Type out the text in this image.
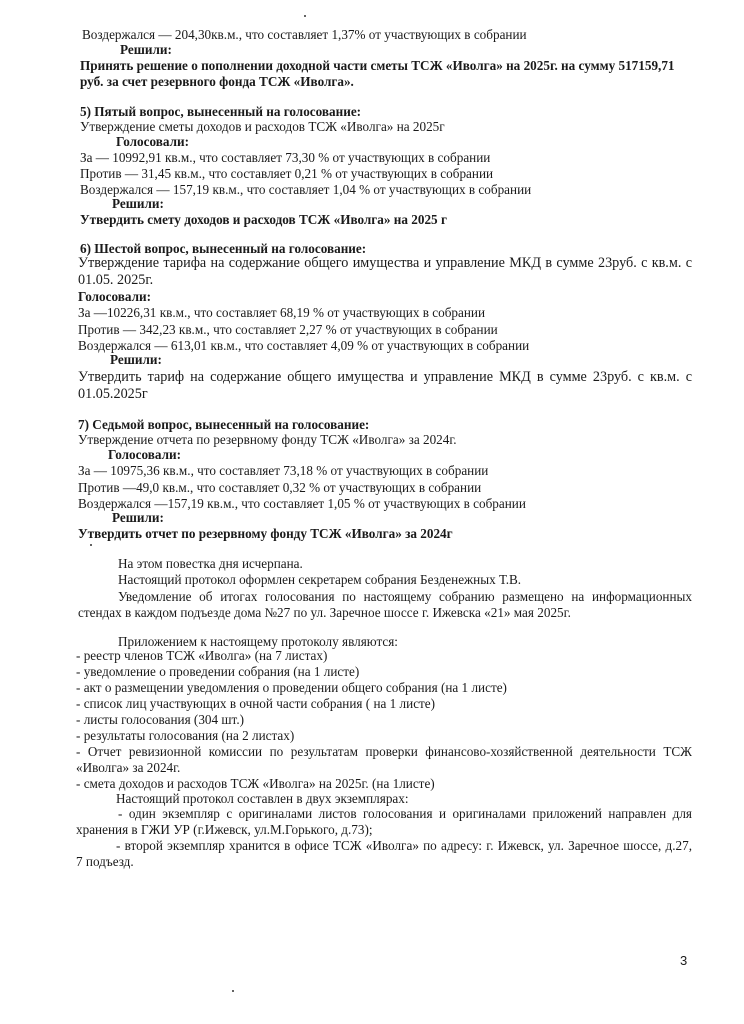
Воздержался — 204,30кв.м., что составляет 1,37% от участвующих в собрании
Решили:
Принять решение о пополнении доходной части сметы ТСЖ «Иволга» на 2025г. на сумму 517159,71
руб. за счет резервного фонда ТСЖ «Иволга».
5) Пятый вопрос, вынесенный на голосование:
Утверждение сметы доходов и расходов ТСЖ «Иволга» на 2025г
Голосовали:
За — 10992,91 кв.м., что составляет 73,30 % от участвующих в собрании
Против — 31,45 кв.м., что составляет 0,21 % от участвующих в собрании
Воздержался — 157,19 кв.м., что составляет 1,04 % от участвующих в собрании
Решили:
Утвердить смету доходов и расходов ТСЖ «Иволга» на 2025 г
6) Шестой вопрос, вынесенный на голосование:
Утверждение тарифа на содержание общего имущества и управление МКД в сумме 23руб. с кв.м. с
01.05. 2025г.
Голосовали:
За —10226,31 кв.м., что составляет 68,19 % от участвующих в собрании
Против — 342,23 кв.м., что составляет 2,27 % от участвующих в собрании
Воздержался — 613,01 кв.м., что составляет 4,09 % от участвующих в собрании
Решили:
Утвердить тариф на содержание общего имущества и управление МКД в сумме 23руб. с кв.м. с
01.05.2025г
7) Седьмой вопрос, вынесенный на голосование:
Утверждение отчета по резервному фонду ТСЖ «Иволга» за 2024г.
Голосовали:
За — 10975,36 кв.м., что составляет 73,18 % от участвующих в собрании
Против —49,0 кв.м., что составляет 0,32 % от участвующих в собрании
Воздержался —157,19 кв.м., что составляет 1,05 % от участвующих в собрании
Решили:
Утвердить отчет по резервному фонду ТСЖ «Иволга» за 2024г
На этом повестка дня исчерпана.
Настоящий протокол оформлен секретарем собрания Безденежных Т.В.
Уведомление об итогах голосования по настоящему собранию размещено на информационных
стендах в каждом подъезде дома №27 по ул. Заречное шоссе г. Ижевска «21» мая 2025г.
Приложением к настоящему протоколу являются:
- реестр членов ТСЖ «Иволга» (на 7 листах)
- уведомление о проведении собрания (на 1 листе)
- акт о размещении уведомления о проведении общего собрания (на 1 листе)
- список лиц участвующих в очной части собрания ( на 1 листе)
- листы голосования (304 шт.)
- результаты голосования (на 2 листах)
- Отчет ревизионной комиссии по результатам проверки финансово-хозяйственной деятельности ТСЖ
«Иволга» за 2024г.
- смета доходов и расходов ТСЖ «Иволга» на 2025г. (на 1листе)
Настоящий протокол составлен в двух экземплярах:
- один экземпляр с оригиналами листов голосования и оригиналами приложений направлен для
хранения в ГЖИ УР (г.Ижевск, ул.М.Горького, д.73);
- второй экземпляр хранится в офисе ТСЖ «Иволга» по адресу: г. Ижевск, ул. Заречное шоссе, д.27,
7 подъезд.
3
